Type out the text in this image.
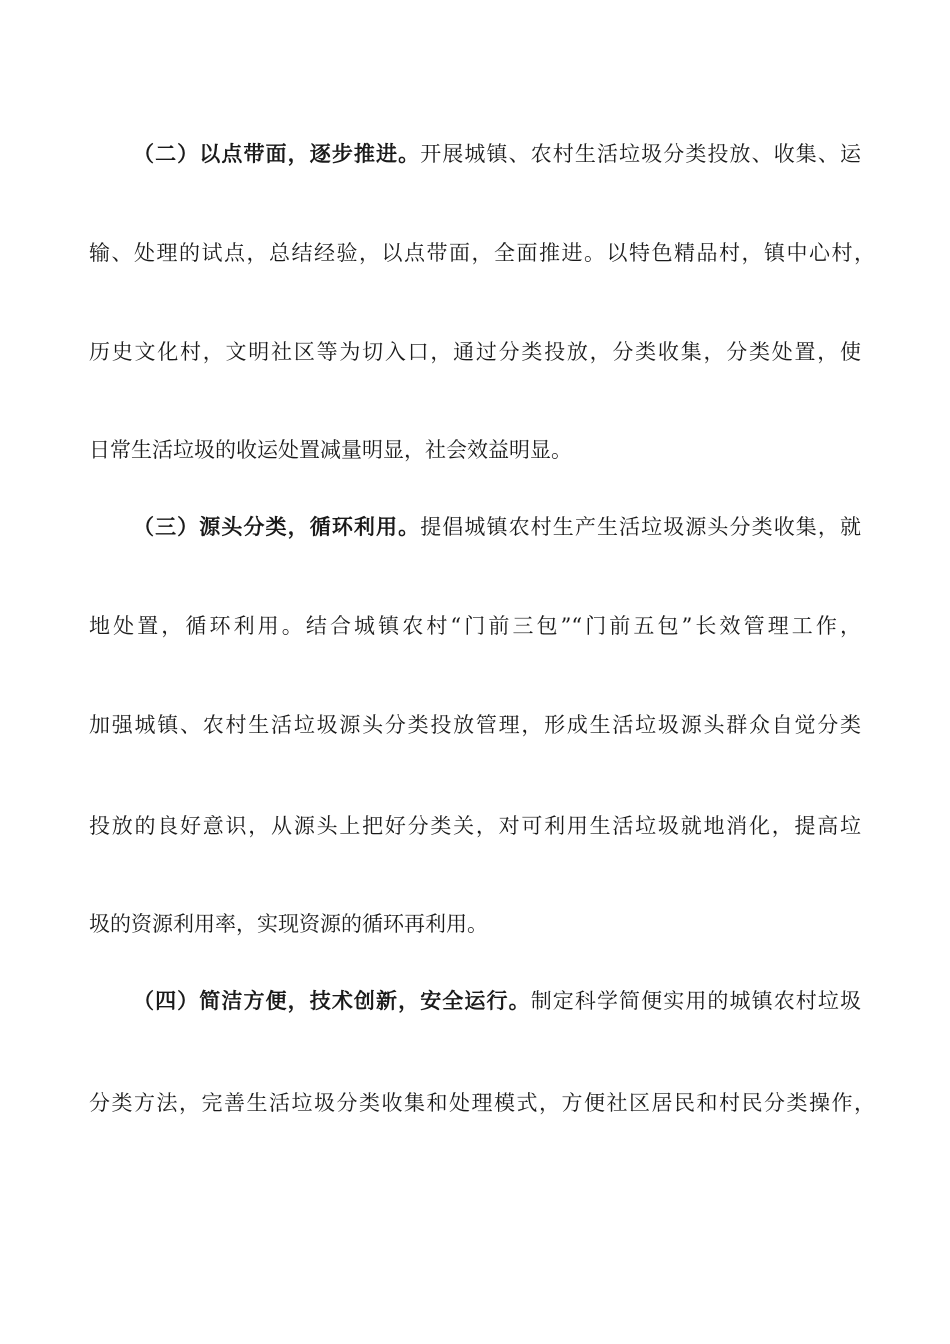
（二）以点带面，逐步推进。开展城镇、农村生活垃圾分类投放、收集、运
输、处理的试点，总结经验，以点带面，全面推进。以特色精品村，镇中心村，
历史文化村，文明社区等为切入口，通过分类投放，分类收集，分类处置，使
日常生活垃圾的收运处置减量明显，社会效益明显。
（三）源头分类，循环利用。提倡城镇农村生产生活垃圾源头分类收集，就
地处置，循环利用。结合城镇农村“门前三包”“门前五包”长效管理工作，
加强城镇、农村生活垃圾源头分类投放管理，形成生活垃圾源头群众自觉分类
投放的良好意识，从源头上把好分类关，对可利用生活垃圾就地消化，提高垃
圾的资源利用率，实现资源的循环再利用。
（四）简洁方便，技术创新，安全运行。制定科学简便实用的城镇农村垃圾
分类方法，完善生活垃圾分类收集和处理模式，方便社区居民和村民分类操作，
